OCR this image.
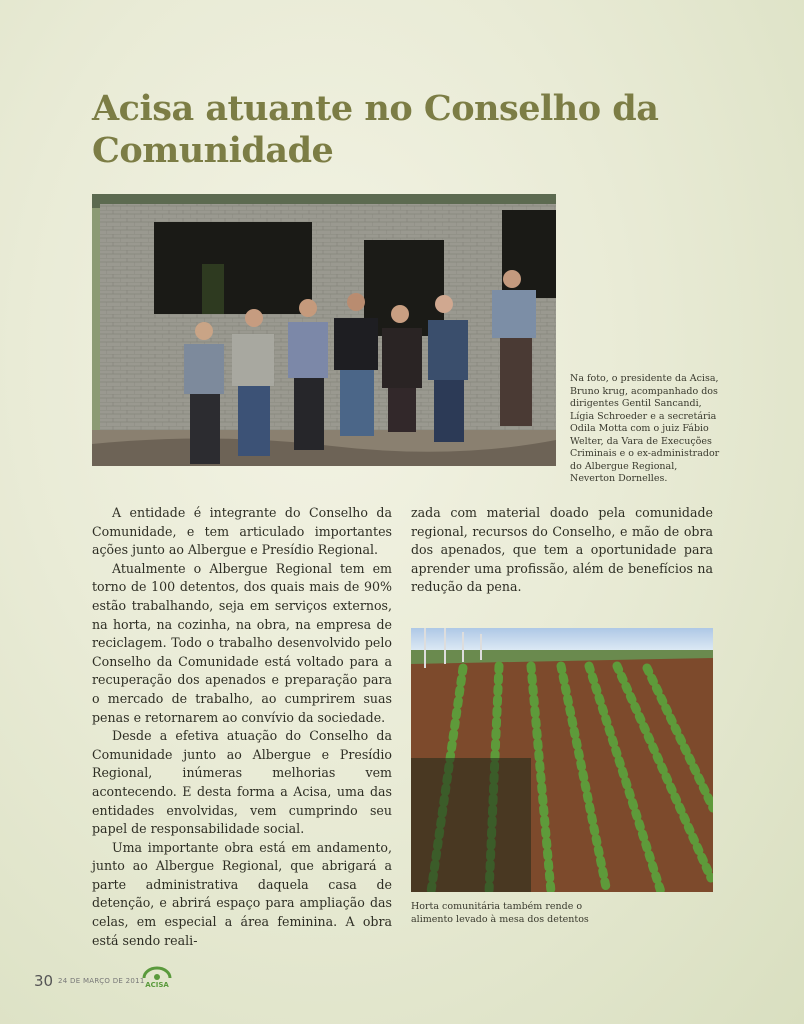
Acisa atuante no Conselho da Comunidade
Na foto, o presidente da Acisa, Bruno krug, acompanhado dos dirigentes Gentil Sancandi, Lígia Schroeder e a secretária Odila Motta com o juiz Fábio Welter, da Vara de Execuções Criminais e o ex-administrador do Albergue Regional, Neverton Dornelles.

A entidade é integrante do Conselho da Comunidade, e tem articulado importantes ações junto ao Albergue e Presídio Regional.

Atualmente o Albergue Regional tem em torno de 100 detentos, dos quais mais de 90% estão trabalhando, seja em serviços externos, na horta, na cozinha, na obra, na empresa de reciclagem. Todo o trabalho desenvolvido pelo Conselho da Comunidade está voltado para a recuperação dos apenados e preparação para o mercado de trabalho, ao cumprirem suas penas e retornarem ao convívio da sociedade.

Desde a efetiva atuação do Conselho da Comunidade junto ao Albergue e Presídio Regional, inúmeras melhorias vem acontecendo. E desta forma a Acisa, uma das entidades envolvidas, vem cumprindo seu papel de responsabilidade social.

Uma importante obra está em andamento, junto ao Albergue Regional, que abrigará a parte administrativa daquela casa de detenção, e abrirá espaço para ampliação das celas, em especial a área feminina. A obra está sendo reali-

zada com material doado pela comunidade regional, recursos do Conselho, e mão de obra dos apenados, que tem a oportunidade para aprender uma profissão, além de benefícios na redução da pena.

Horta comunitária também rende o alimento levado à mesa dos detentos
30 24 DE MARÇO DE 2011 ACISA
